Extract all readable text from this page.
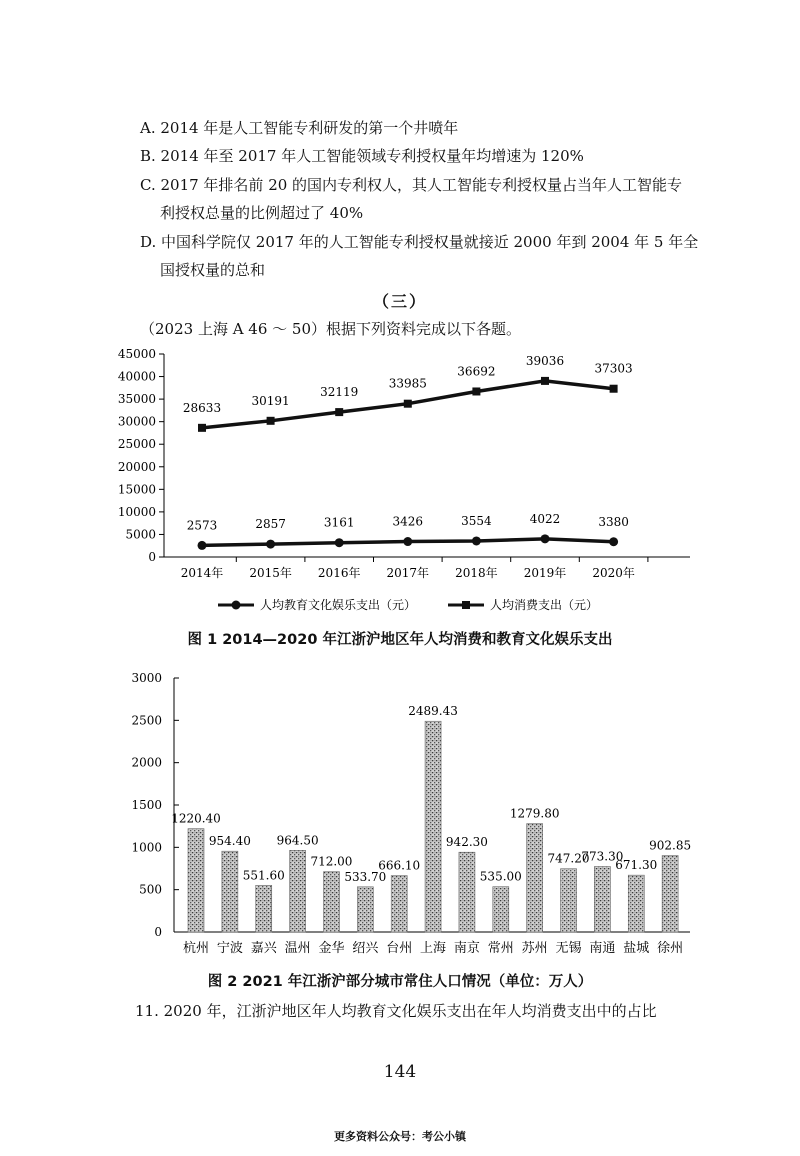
A. 2014 年是人工智能专利研发的第一个井喷年
B. 2014 年至 2017 年人工智能领域专利授权量年均增速为 120%
C. 2017 年排名前 20 的国内专利权人，其人工智能专利授权量占当年人工智能专
利授权总量的比例超过了 40%
D. 中国科学院仅 2017 年的人工智能专利授权量就接近 2000 年到 2004 年 5 年全
国授权量的总和
（三）
（2023 上海 A 46 ～ 50）根据下列资料完成以下各题。
0
5000
10000
15000
20000
25000
30000
35000
40000
45000
2014年 2015年 2016年 2017年 2018年 2019年 2020年
2573	2857	3161	3426	3554	4022	3380
28633
30191
32119
33985
36692
39036
37303
人均教育文化娱乐支出（元）	人均消费支出（元）
图 1 2014—2020 年江浙沪地区年人均消费和教育文化娱乐支出
0
500
1000
1500
2000
2500
3000
1220.40
杭州
954.40
宁波
551.60
嘉兴
964.50
温州
712.00
金华
533.70
绍兴
666.10
台州
2489.43
上海
942.30
南京
535.00
常州
1279.80
苏州
747.20
无锡
773.30
南通
671.30
盐城
902.85
徐州
图 2 2021 年江浙沪部分城市常住人口情况（单位：万人）
11. 2020 年，江浙沪地区年人均教育文化娱乐支出在年人均消费支出中的占比
144
更多资料公众号：考公小镇
